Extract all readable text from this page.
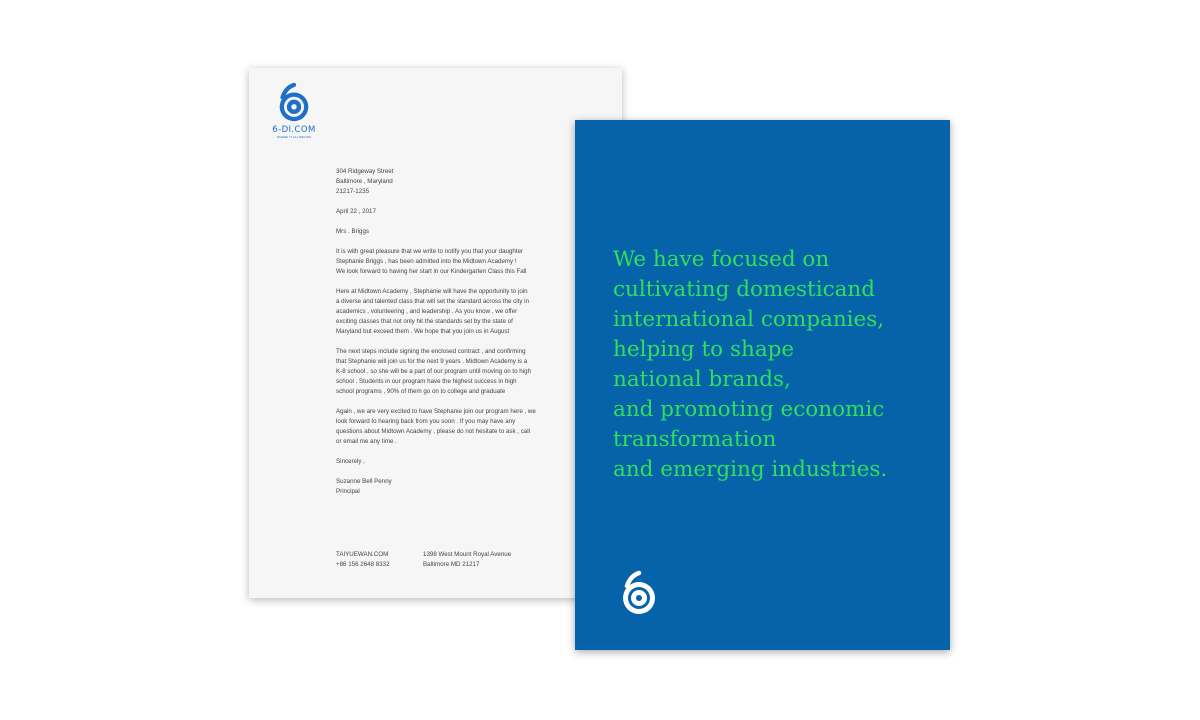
6-DI.COM
WHERE IT ALL BEGINS

304 Ridgeway Street
Baltimore , Maryland
21217-1235

April 22 , 2017

Mrs . Briggs

It is with great pleasure that we write to notify you that your daughter
Stephanie Briggs , has been admitted into the Midtown Academy !
We look forward to having her start in our Kindergarten Class this Fall

Here at Midtown Academy , Stephanie will have the opportunity to join
a diverse and talented class that will set the standard across the city in
academics , volunteering , and leadership . As you know , we offer
exciting classes that not only hit the standards set by the state of
Maryland but exceed them . We hope that you join us in August

The next steps include signing the enclosed contract , and confirming
that Stephanie will join us for the next 9 years . Midtown Academy is a
K-8 school , so she will be a part of our program until moving on to high
school . Students in our program have the highest success in high
school programs , 90% of them go on to college and graduate

Again , we are very excited to have Stephanie join our program here , we
look forward to hearing back from you soon . If you may have any
questions about Midtown Academy , please do not hesitate to ask , call
or email me any time .

Sincerely ,

Suzanne Bell Penny
Principal

TAIYUEWAN.COM
+86 156 2648 8332
1398 West Mount Royal Avenue
Baltimore MD 21217
We have focused on
cultivating domesticand
international companies,
helping to shape
national brands,
and promoting economic
transformation
and emerging industries.
